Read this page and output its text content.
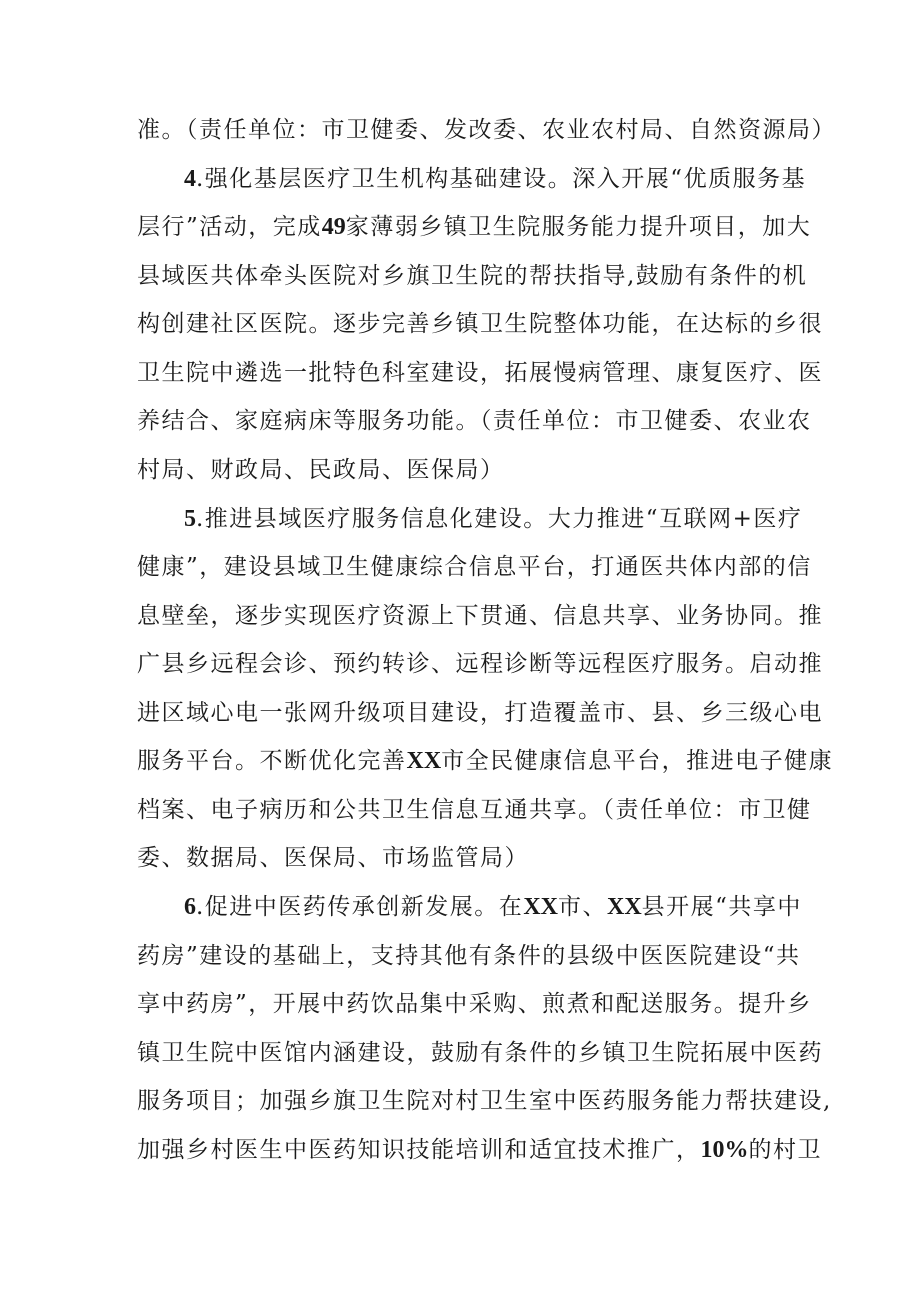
准。（责任单位：市卫健委、发改委、农业农村局、自然资源局）
4.强化基层医疗卫生机构基础建设。深入开展“优质服务基
层行”活动，完成49家薄弱乡镇卫生院服务能力提升项目，加大
县域医共体牵头医院对乡旗卫生院的帮扶指导,鼓励有条件的机
构创建社区医院。逐步完善乡镇卫生院整体功能，在达标的乡很
卫生院中遴选一批特色科室建设，拓展慢病管理、康复医疗、医
养结合、家庭病床等服务功能。（责任单位：市卫健委、农业农
村局、财政局、民政局、医保局）
5.推进县域医疗服务信息化建设。大力推进“互联网+医疗
健康”，建设县域卫生健康综合信息平台，打通医共体内部的信
息壁垒，逐步实现医疗资源上下贯通、信息共享、业务协同。推
广县乡远程会诊、预约转诊、远程诊断等远程医疗服务。启动推
进区域心电一张网升级项目建设，打造覆盖市、县、乡三级心电
服务平台。不断优化完善XX市全民健康信息平台，推进电子健康
档案、电子病历和公共卫生信息互通共享。（责任单位：市卫健
委、数据局、医保局、市场监管局）
6.促进中医药传承创新发展。在XX市、XX县开展“共享中
药房”建设的基础上，支持其他有条件的县级中医医院建设“共
享中药房”，开展中药饮品集中采购、煎煮和配送服务。提升乡
镇卫生院中医馆内涵建设，鼓励有条件的乡镇卫生院拓展中医药
服务项目；加强乡旗卫生院对村卫生室中医药服务能力帮扶建设,
加强乡村医生中医药知识技能培训和适宜技术推广，10%的村卫
